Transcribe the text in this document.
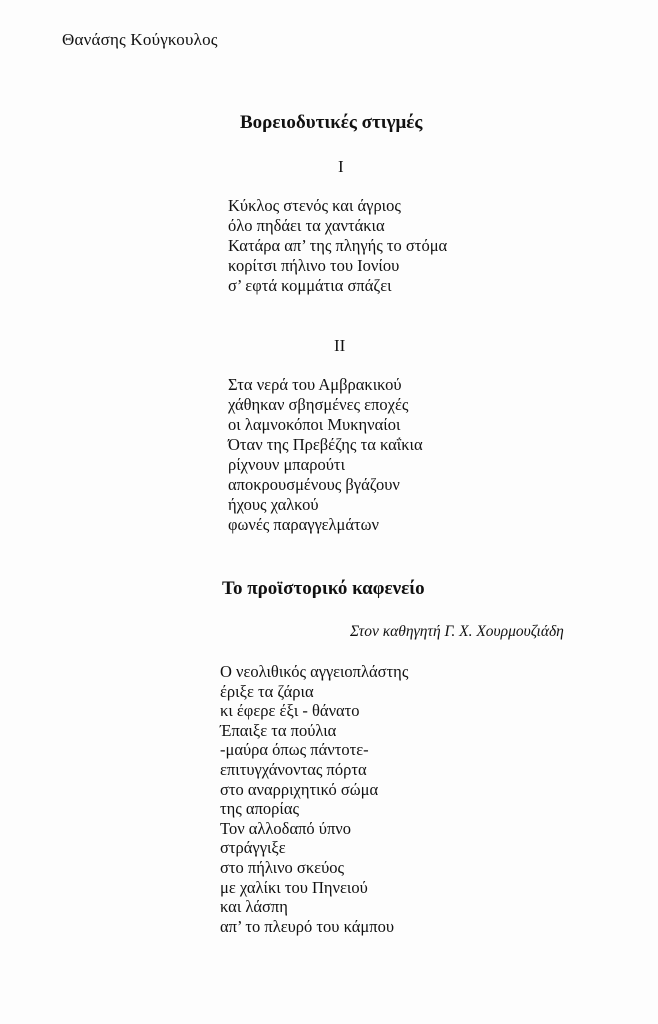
Θανάσης Κούγκουλος
Βορειοδυτικές στιγμές
I
Κύκλος στενός και άγριος
όλο πηδάει τα χαντάκια
Κατάρα απ’ της πληγής το στόμα
κορίτσι πήλινο του Ιονίου
σ’ εφτά κομμάτια σπάζει
II
Στα νερά του Αμβρακικού
χάθηκαν σβησμένες εποχές
οι λαμνοκόποι Μυκηναίοι
Όταν της Πρεβέζης τα καΐκια
ρίχνουν μπαρούτι
αποκρουσμένους βγάζουν
ήχους χαλκού
φωνές παραγγελμάτων
Το προϊστορικό καφενείο
Στον καθηγητή Γ. Χ. Χουρμουζιάδη
Ο νεολιθικός αγγειοπλάστης
έριξε τα ζάρια
κι έφερε έξι - θάνατο
Έπαιξε τα πούλια
-μαύρα όπως πάντοτε-
επιτυγχάνοντας πόρτα
στο αναρριχητικό σώμα
της απορίας
Τον αλλοδαπό ύπνο
στράγγιξε
στο πήλινο σκεύος
με χαλίκι του Πηνειού
και λάσπη
απ’ το πλευρό του κάμπου
